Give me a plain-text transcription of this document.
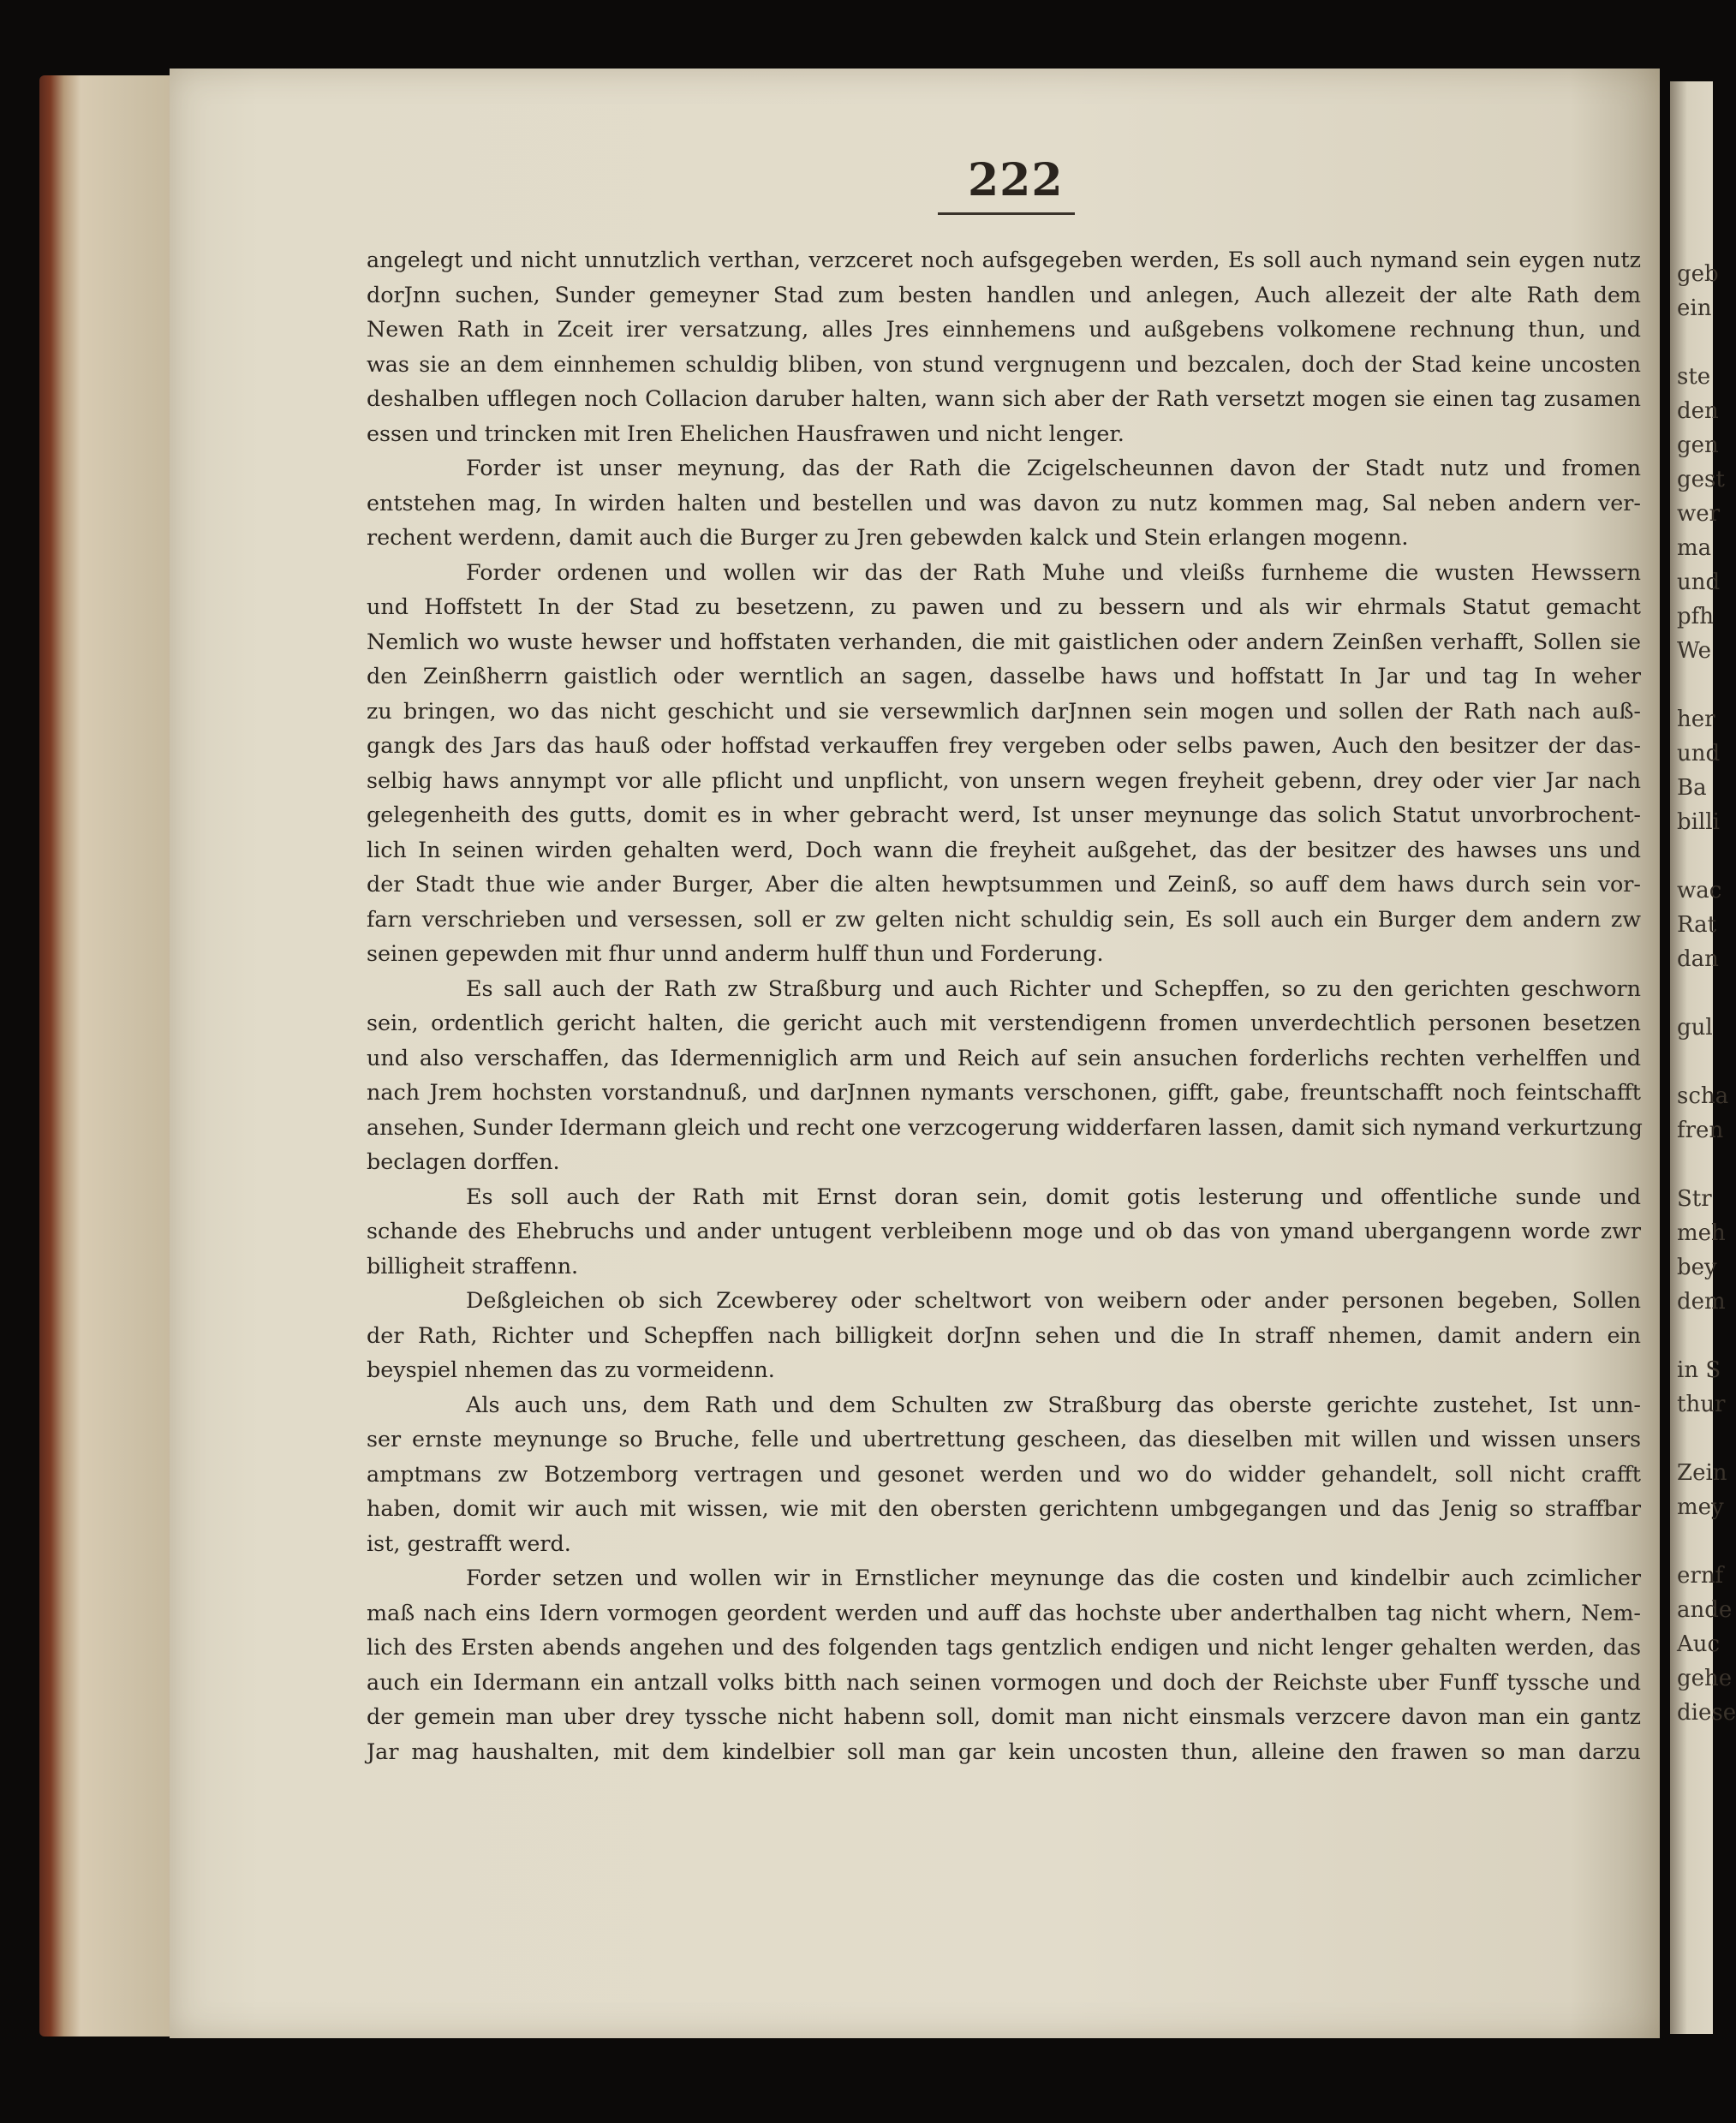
geb
ein
ste
den
gen
gest
wer
ma
und
pfh
We
her
und
Ba
billi
wac
Rat
dan
gul
scha
fren
Str
meh
bey
dem
in S
thur
Zein
mey
ernf
ande
Auc
gehe
diese
222
angelegt und nicht unnutzlich verthan, verzceret noch aufsgegeben werden, Es soll auch nymand sein eygen nutz
dorJnn suchen, Sunder gemeyner Stad zum besten handlen und anlegen, Auch allezeit der alte Rath dem
Newen Rath in Zceit irer versatzung, alles Jres einnhemens und außgebens volkomene rechnung thun, und
was sie an dem einnhemen schuldig bliben, von stund vergnugenn und bezcalen, doch der Stad keine uncosten
deshalben ufflegen noch Collacion daruber halten, wann sich aber der Rath versetzt mogen sie einen tag zusamen
essen und trincken mit Iren Ehelichen Hausfrawen und nicht lenger.
Forder ist unser meynung, das der Rath die Zcigelscheunnen davon der Stadt nutz und fromen
entstehen mag, In wirden halten und bestellen und was davon zu nutz kommen mag, Sal neben andern ver-
rechent werdenn, damit auch die Burger zu Jren gebewden kalck und Stein erlangen mogenn.
Forder ordenen und wollen wir das der Rath Muhe und vleißs furnheme die wusten Hewssern
und Hoffstett In der Stad zu besetzenn, zu pawen und zu bessern und als wir ehrmals Statut gemacht
Nemlich wo wuste hewser und hoffstaten verhanden, die mit gaistlichen oder andern Zeinßen verhafft, Sollen sie
den Zeinßherrn gaistlich oder werntlich an sagen, dasselbe haws und hoffstatt In Jar und tag In weher
zu bringen, wo das nicht geschicht und sie versewmlich darJnnen sein mogen und sollen der Rath nach auß-
gangk des Jars das hauß oder hoffstad verkauffen frey vergeben oder selbs pawen, Auch den besitzer der das-
selbig haws annympt vor alle pflicht und unpflicht, von unsern wegen freyheit gebenn, drey oder vier Jar nach
gelegenheith des gutts, domit es in wher gebracht werd, Ist unser meynunge das solich Statut unvorbrochent-
lich In seinen wirden gehalten werd, Doch wann die freyheit außgehet, das der besitzer des hawses uns und
der Stadt thue wie ander Burger, Aber die alten hewptsummen und Zeinß, so auff dem haws durch sein vor-
farn verschrieben und versessen, soll er zw gelten nicht schuldig sein, Es soll auch ein Burger dem andern zw
seinen gepewden mit fhur unnd anderm hulff thun und Forderung.
Es sall auch der Rath zw Straßburg und auch Richter und Schepffen, so zu den gerichten geschworn
sein, ordentlich gericht halten, die gericht auch mit verstendigenn fromen unverdechtlich personen besetzen
und also verschaffen, das Idermenniglich arm und Reich auf sein ansuchen forderlichs rechten verhelffen und
nach Jrem hochsten vorstandnuß, und darJnnen nymants verschonen, gifft, gabe, freuntschafft noch feintschafft
ansehen, Sunder Idermann gleich und recht one verzcogerung widderfaren lassen, damit sich nymand verkurtzung
beclagen dorffen.
Es soll auch der Rath mit Ernst doran sein, domit gotis lesterung und offentliche sunde und
schande des Ehebruchs und ander untugent verbleibenn moge und ob das von ymand ubergangenn worde zwr
billigheit straffenn.
Deßgleichen ob sich Zcewberey oder scheltwort von weibern oder ander personen begeben, Sollen
der Rath, Richter und Schepffen nach billigkeit dorJnn sehen und die In straff nhemen, damit andern ein
beyspiel nhemen das zu vormeidenn.
Als auch uns, dem Rath und dem Schulten zw Straßburg das oberste gerichte zustehet, Ist unn-
ser ernste meynunge so Bruche, felle und ubertrettung gescheen, das dieselben mit willen und wissen unsers
amptmans zw Botzemborg vertragen und gesonet werden und wo do widder gehandelt, soll nicht crafft
haben, domit wir auch mit wissen, wie mit den obersten gerichtenn umbgegangen und das Jenig so straffbar
ist, gestrafft werd.
Forder setzen und wollen wir in Ernstlicher meynunge das die costen und kindelbir auch zcimlicher
maß nach eins Idern vormogen geordent werden und auff das hochste uber anderthalben tag nicht whern, Nem-
lich des Ersten abends angehen und des folgenden tags gentzlich endigen und nicht lenger gehalten werden, das
auch ein Idermann ein antzall volks bitth nach seinen vormogen und doch der Reichste uber Funff tyssche und
der gemein man uber drey tyssche nicht habenn soll, domit man nicht einsmals verzcere davon man ein gantz
Jar mag haushalten, mit dem kindelbier soll man gar kein uncosten thun, alleine den frawen so man darzu
